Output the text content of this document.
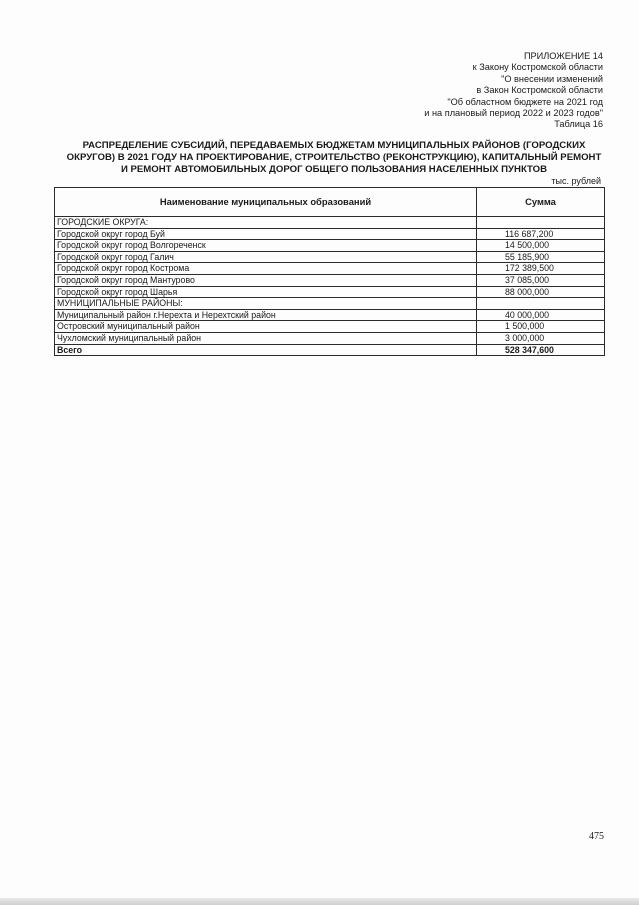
ПРИЛОЖЕНИЕ 14
к Закону Костромской области
"О внесении изменений
в Закон Костромской области
"Об областном бюджете на 2021 год
и на плановый период 2022 и 2023 годов"
Таблица 16
РАСПРЕДЕЛЕНИЕ СУБСИДИЙ, ПЕРЕДАВАЕМЫХ БЮДЖЕТАМ МУНИЦИПАЛЬНЫХ РАЙОНОВ (ГОРОДСКИХ
ОКРУГОВ) В 2021 ГОДУ НА ПРОЕКТИРОВАНИЕ, СТРОИТЕЛЬСТВО (РЕКОНСТРУКЦИЮ), КАПИТАЛЬНЫЙ РЕМОНТ
И РЕМОНТ АВТОМОБИЛЬНЫХ ДОРОГ ОБЩЕГО ПОЛЬЗОВАНИЯ НАСЕЛЕННЫХ ПУНКТОВ
тыс. рублей
Наименование муниципальных образований	Сумма
ГОРОДСКИЕ ОКРУГА:	
Городской округ город Буй	116 687,200
Городской округ город Волгореченск	14 500,000
Городской округ город Галич	55 185,900
Городской округ город Кострома	172 389,500
Городской округ город Мантурово	37 085,000
Городской округ город Шарья	88 000,000
МУНИЦИПАЛЬНЫЕ РАЙОНЫ:	
Муниципальный район г.Нерехта и Нерехтский район	40 000,000
Островский муниципальный район	1 500,000
Чухломский муниципальный район	3 000,000
Всего	528 347,600
475
